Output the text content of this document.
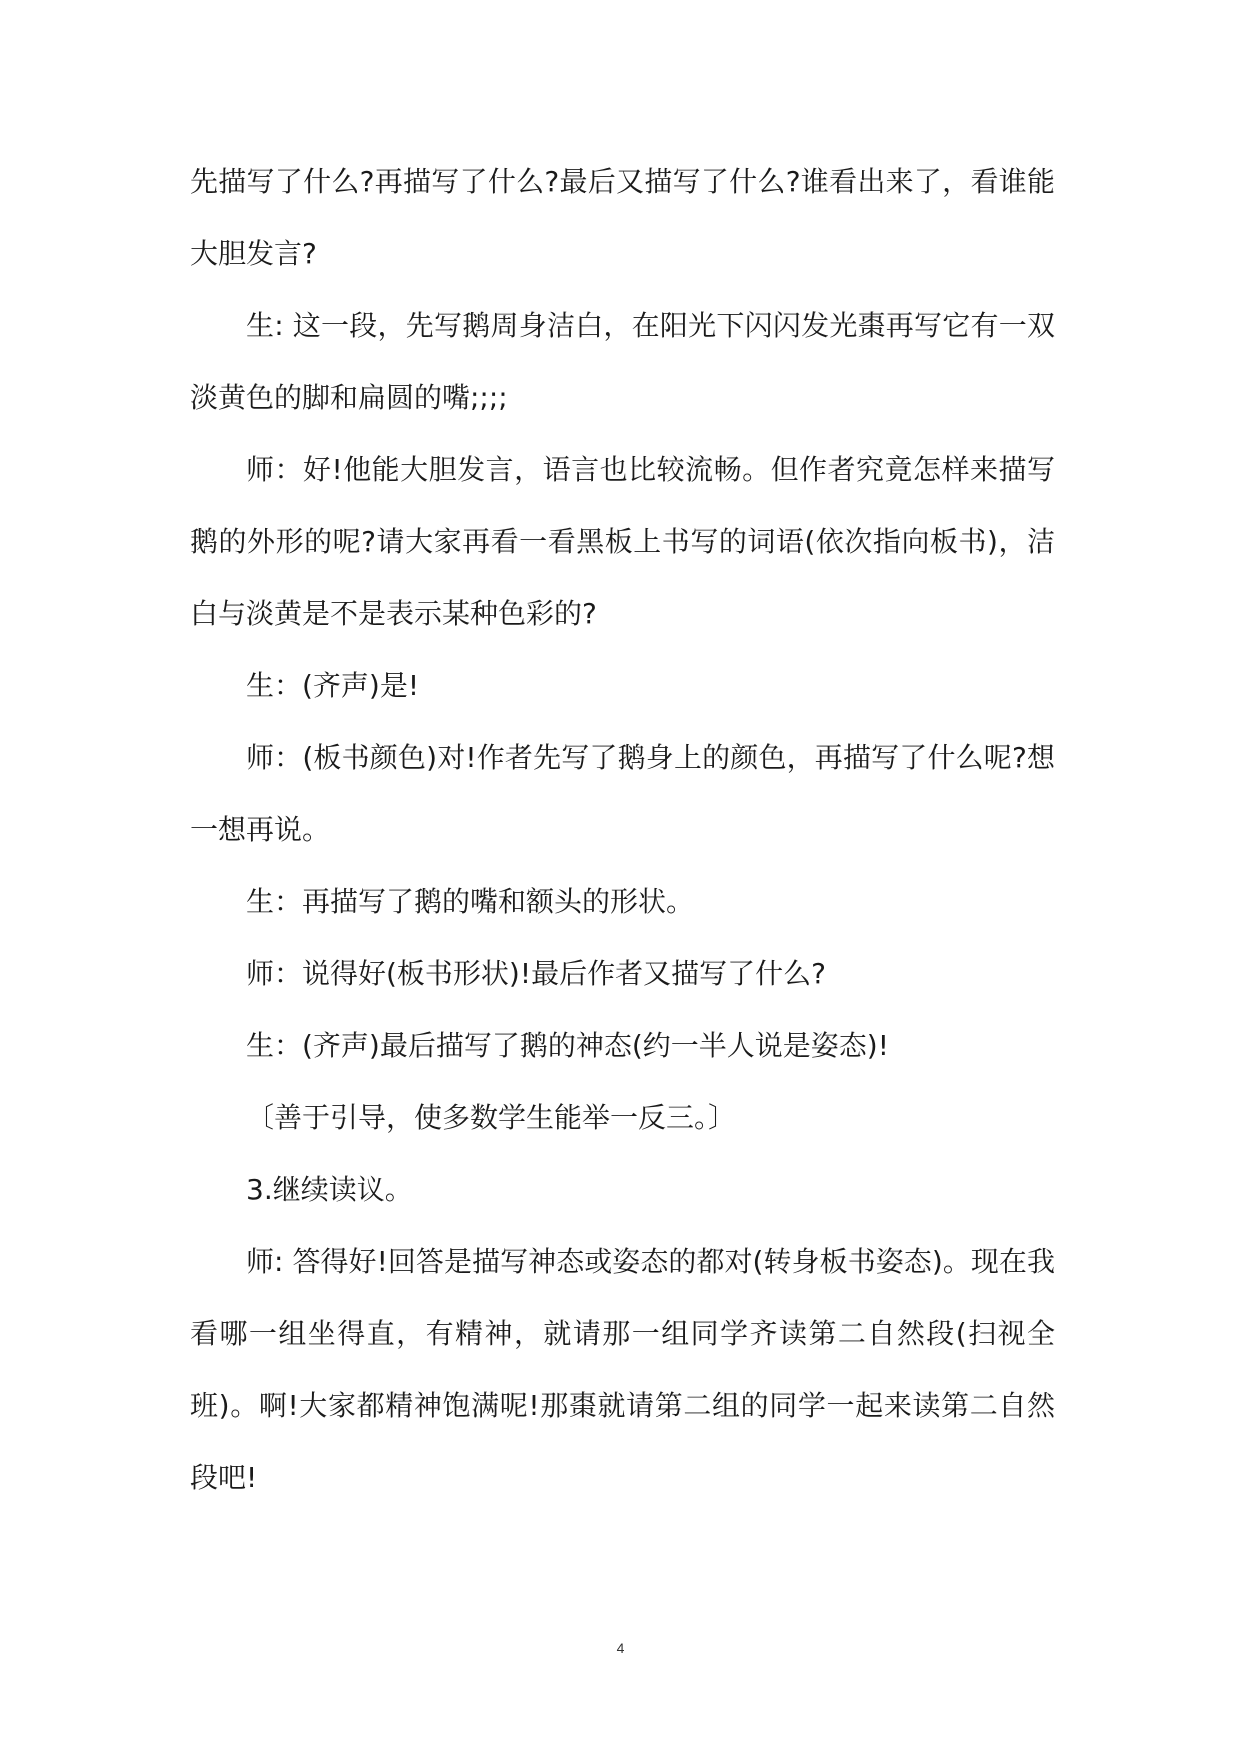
先描写了什么?再描写了什么?最后又描写了什么?谁看出来了，看谁能大胆发言?

生: 这一段，先写鹅周身洁白，在阳光下闪闪发光棗再写它有一双淡黄色的脚和扁圆的嘴;;;;

师：好!他能大胆发言，语言也比较流畅。但作者究竟怎样来描写鹅的外形的呢?请大家再看一看黑板上书写的词语(依次指向板书)，洁白与淡黄是不是表示某种色彩的?

生：(齐声)是!

师：(板书颜色)对!作者先写了鹅身上的颜色，再描写了什么呢?想一想再说。

生：再描写了鹅的嘴和额头的形状。

师：说得好(板书形状)!最后作者又描写了什么?

生：(齐声)最后描写了鹅的神态(约一半人说是姿态)!

〔善于引导，使多数学生能举一反三。〕

3.继续读议。

师: 答得好!回答是描写神态或姿态的都对(转身板书姿态)。现在我看哪一组坐得直，有精神，就请那一组同学齐读第二自然段(扫视全班)。啊!大家都精神饱满呢!那棗就请第二组的同学一起来读第二自然段吧!

4
